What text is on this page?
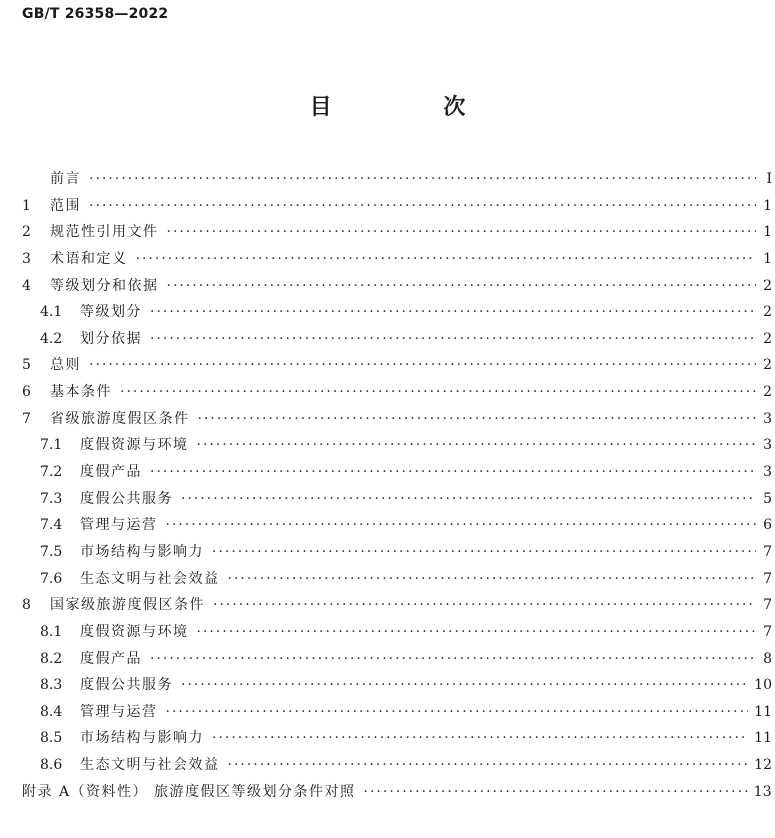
GB/T 26358—2022
目 次
前言 ·····	Ⅰ
1	范围 ·····	1
2	规范性引用文件 ·····	1
3	术语和定义 ·····	1
4	等级划分和依据 ·····	2
4.1	等级划分 ·····	2
4.2	划分依据 ·····	2
5	总则 ·····	2
6	基本条件 ·····	2
7	省级旅游度假区条件 ·····	3
7.1	度假资源与环境 ·····	3
7.2	度假产品 ·····	3
7.3	度假公共服务 ·····	5
7.4	管理与运营 ·····	6
7.5	市场结构与影响力 ·····	7
7.6	生态文明与社会效益 ·····	7
8	国家级旅游度假区条件 ·····	7
8.1	度假资源与环境 ·····	7
8.2	度假产品 ·····	8
8.3	度假公共服务 ·····	10
8.4	管理与运营 ·····	11
8.5	市场结构与影响力 ·····	11
8.6	生态文明与社会效益 ·····	12
附录 A（资料性） 旅游度假区等级划分条件对照 ·····	13
